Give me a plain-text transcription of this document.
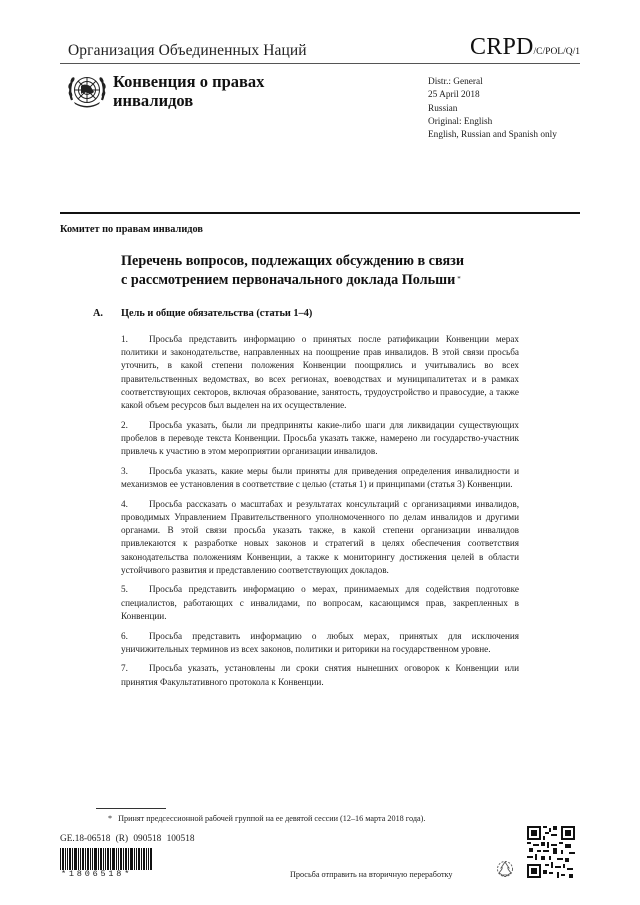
Организация Объединенных Наций	CRPD/C/POL/Q/1
Конвенция о правах
инвалидов
Distr.: General
25 April 2018
Russian
Original: English
English, Russian and Spanish only
Комитет по правам инвалидов
Перечень вопросов, подлежащих обсуждению в связи
с рассмотрением первоначального доклада Польши *
A. Цель и общие обязательства (статьи 1–4)

1. Просьба представить информацию о принятых после ратификации Конвенции мерах политики и законодательстве, направленных на поощрение прав инвалидов. В этой связи просьба уточнить, в какой степени положения Конвенции поощрялись и учитывались во всех правительственных ведомствах, во всех регионах, воеводствах и муниципалитетах и в рамках соответствующих секторов, включая образование, занятость, трудоустройство и правосудие, а также какой объем ресурсов был выделен на их осуществление.

2. Просьба указать, были ли предприняты какие-либо шаги для ликвидации существующих пробелов в переводе текста Конвенции. Просьба указать также, намерено ли государство-участник привлечь к участию в этом мероприятии организации инвалидов.

3. Просьба указать, какие меры были приняты для приведения определения инвалидности и механизмов ее установления в соответствие с целью (статья 1) и принципами (статья 3) Конвенции.

4. Просьба рассказать о масштабах и результатах консультаций с организациями инвалидов, проводимых Управлением Правительственного уполномоченного по делам инвалидов и другими органами. В этой связи просьба указать также, в какой степени организации инвалидов привлекаются к разработке новых законов и стратегий в целях обеспечения соответствия законодательства положениям Конвенции, а также к мониторингу достижения целей в области устойчивого развития и представлению соответствующих докладов.

5. Просьба представить информацию о мерах, принимаемых для содействия подготовке специалистов, работающих с инвалидами, по вопросам, касающимся прав, закрепленных в Конвенции.

6. Просьба представить информацию о любых мерах, принятых для исключения уничижительных терминов из всех законов, политики и риторики на государственном уровне.

7. Просьба указать, установлены ли сроки снятия нынешних оговорок к Конвенции или принятия Факультативного протокола к Конвенции.

* Принят предсессионной рабочей группой на ее девятой сессии (12–16 марта 2018 года).
GE.18-06518 (R) 090518 100518
*1806518*	Просьба отправить на вторичную переработку
